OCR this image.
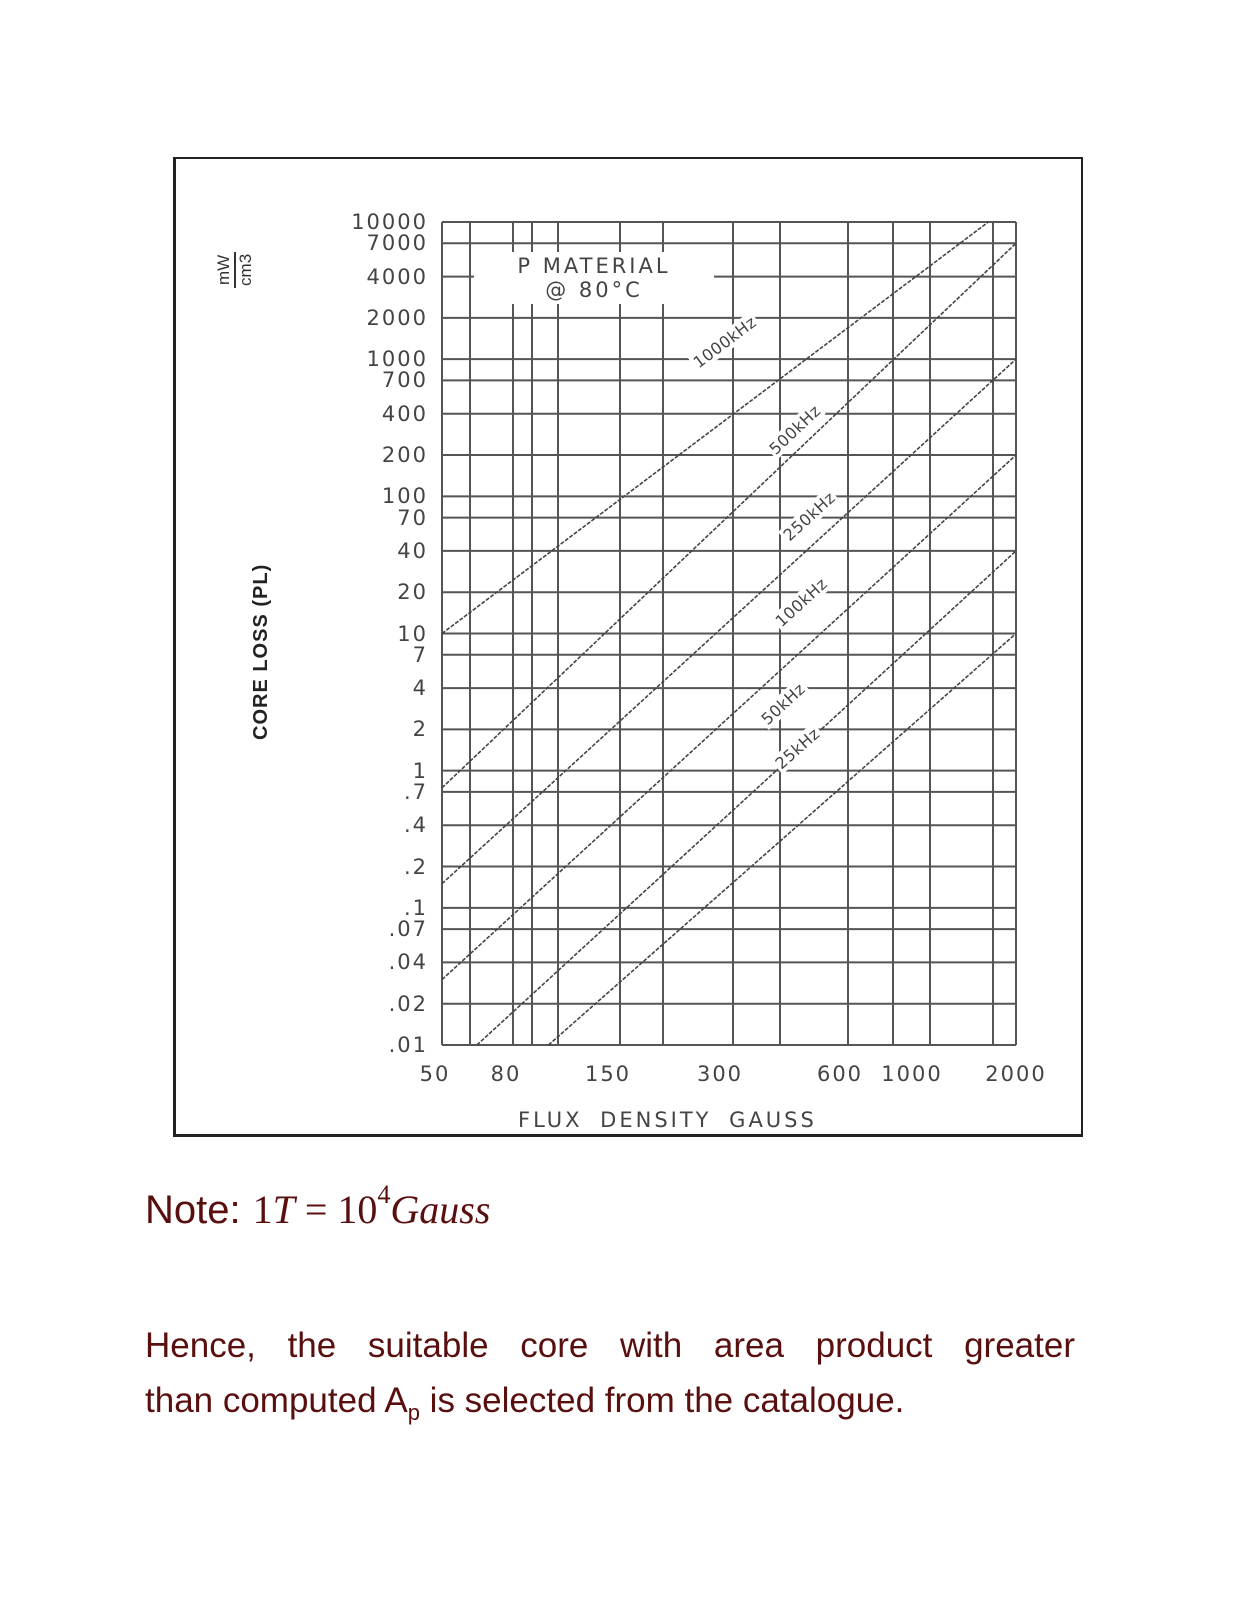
10000
7000
4000
2000
1000
700
400
200
100
70
40
20
10
7
4
2
1
.7
.4
.2
.1
.07
.04
.02
.01
50 80	150	300	600 1000 2000
P MATERIAL
@ 80°C
1000kHz
500kHz
250kHz
100kHz
50kHz
25kHz
FLUX DENSITY GAUSS
CORE LOSS (PL)
mW cm3
Note: $1T = 10^4Gauss$
Hence, the suitable core with area product greater
than computed $A_p$ is selected from the catalogue.
